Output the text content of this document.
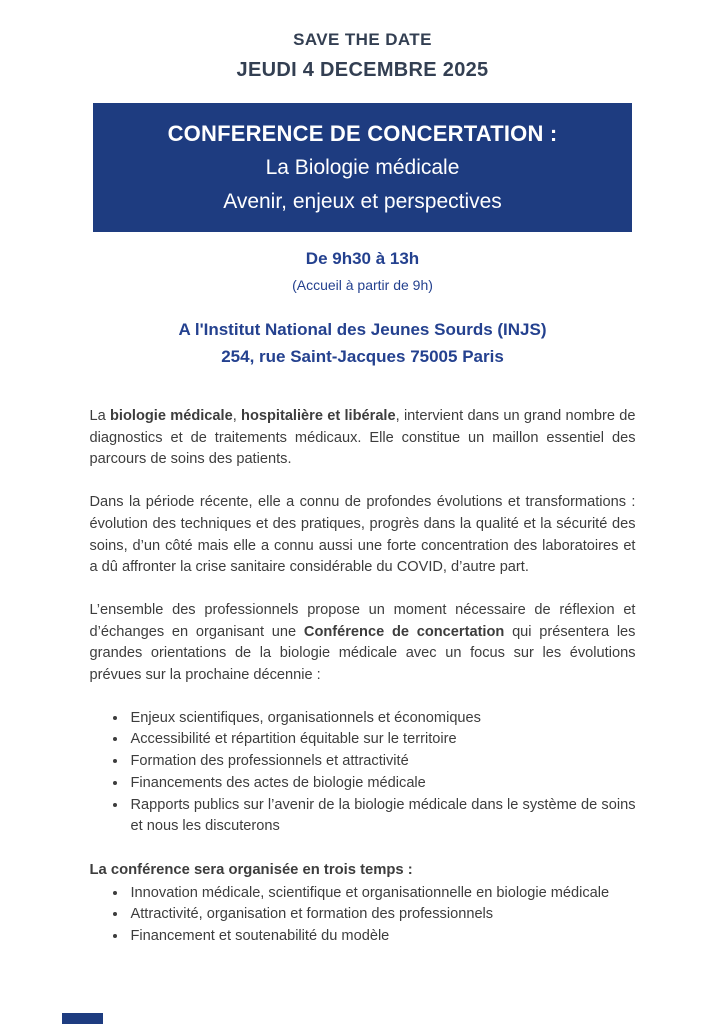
SAVE THE DATE
JEUDI 4 DECEMBRE 2025
CONFERENCE DE CONCERTATION :
La Biologie médicale
Avenir, enjeux et perspectives
De 9h30 à 13h
(Accueil à partir de 9h)
A l'Institut National des Jeunes Sourds (INJS)
254, rue Saint-Jacques 75005 Paris

La biologie médicale, hospitalière et libérale, intervient dans un grand nombre de diagnostics et de traitements médicaux. Elle constitue un maillon essentiel des parcours de soins des patients.

Dans la période récente, elle a connu de profondes évolutions et transformations : évolution des techniques et des pratiques, progrès dans la qualité et la sécurité des soins, d’un côté mais elle a connu aussi une forte concentration des laboratoires et a dû affronter la crise sanitaire considérable du COVID, d’autre part.

L’ensemble des professionnels propose un moment nécessaire de réflexion et d’échanges en organisant une Conférence de concertation qui présentera les grandes orientations de la biologie médicale avec un focus sur les évolutions prévues sur la prochaine décennie :

• Enjeux scientifiques, organisationnels et économiques
• Accessibilité et répartition équitable sur le territoire
• Formation des professionnels et attractivité
• Financements des actes de biologie médicale
• Rapports publics sur l’avenir de la biologie médicale dans le système de soins et nous les discuterons
La conférence sera organisée en trois temps :
• Innovation médicale, scientifique et organisationnelle en biologie médicale
• Attractivité, organisation et formation des professionnels
• Financement et soutenabilité du modèle
